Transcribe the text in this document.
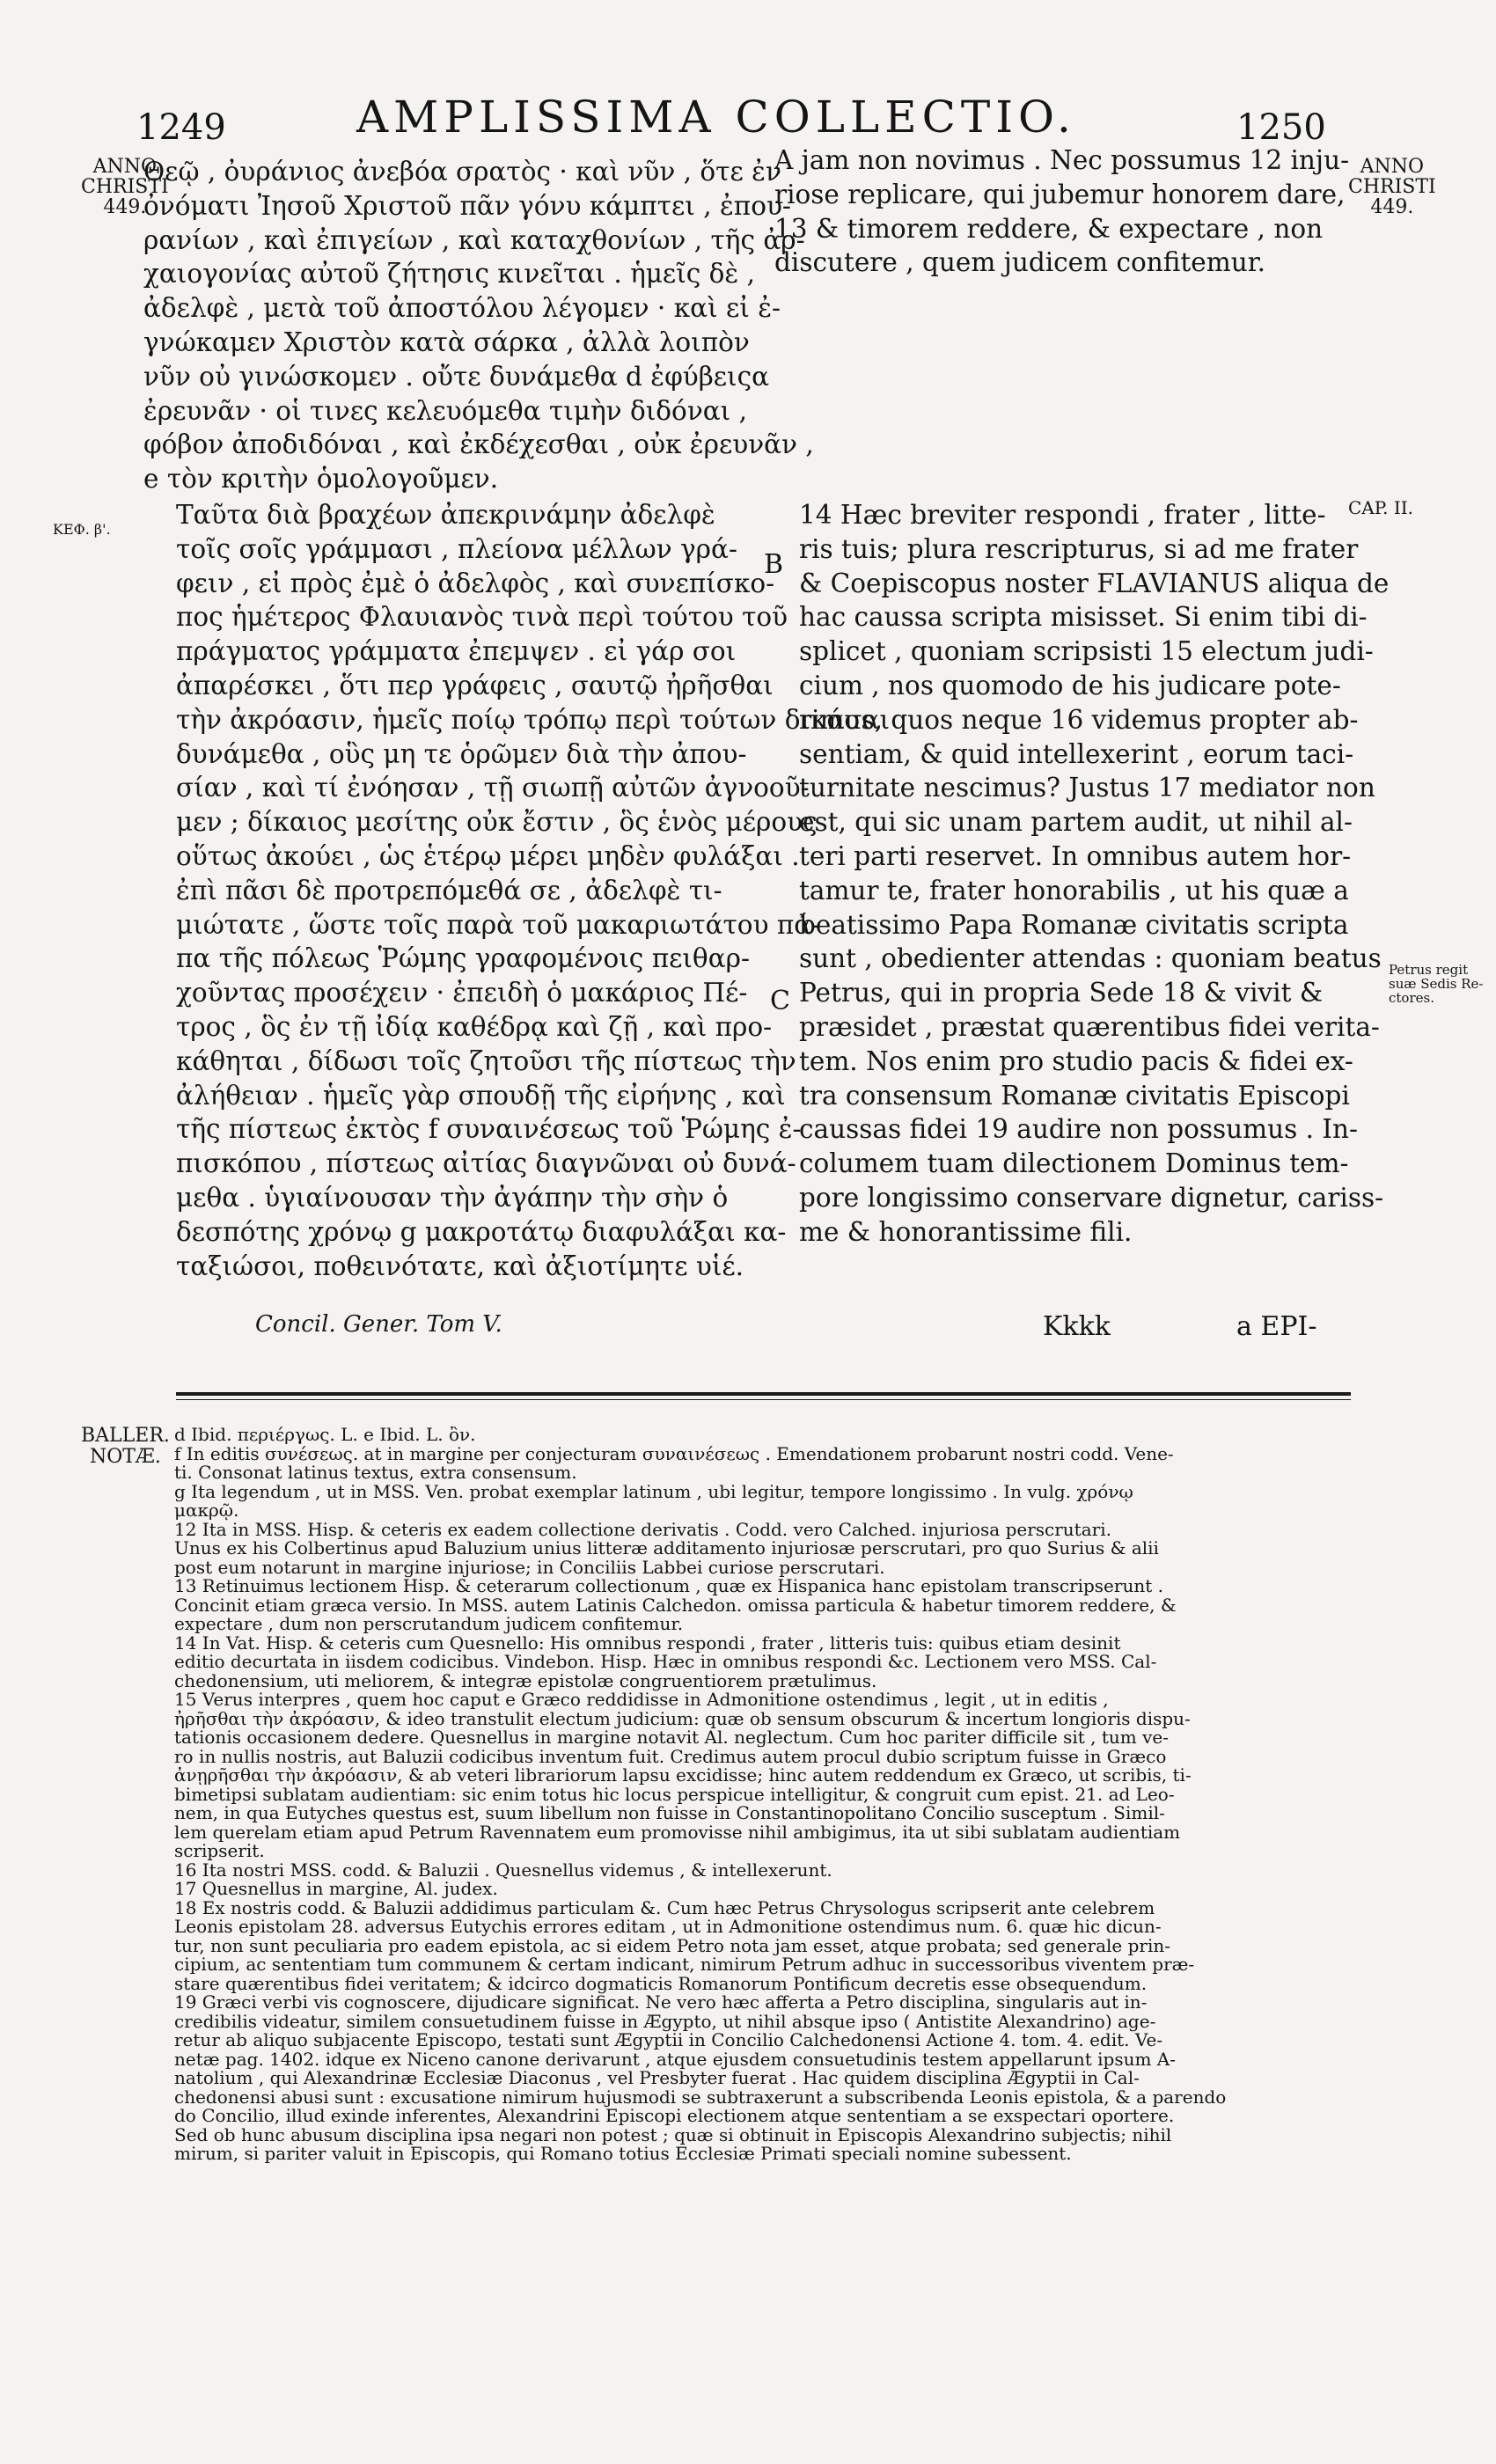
1249	AMPLISSIMA COLLECTIO.	1250
ANNO
CHRISTI
449.
ANNO
CHRISTI
449.
ΚΕΦ. β'.
CAP. II.
Petrus regit
suæ Sedis Re-
ctores.
Θεῷ , ὀυράνιος ἀνεβόα σρατὸς · καὶ νῦν , ὅτε ἐν
ὀνόματι Ἰησοῦ Χριστοῦ πᾶν γόνυ κάμπτει , ἐπου-
ρανίων , καὶ ἐπιγείων , καὶ καταχθονίων , τῆς ἀρ-
χαιογονίας αὐτοῦ ζήτησις κινεῖται . ἡμεῖς δὲ ,
ἀδελφὲ , μετὰ τοῦ ἀποστόλου λέγομεν · καὶ εἰ ἐ-
γνώκαμεν Χριστὸν κατὰ σάρκα , ἀλλὰ λοιπὸν
νῦν οὐ γινώσκομεν . οὔτε δυνάμεθα d ἐφύβειςα
ἐρευνᾶν · οἱ τινες κελευόμεθα τιμὴν διδόναι ,
φόβον ἀποδιδόναι , καὶ ἐκδέχεσθαι , οὐκ ἐρευνᾶν ,
e τὸν κριτὴν ὁμολογοῦμεν.
Ταῦτα διὰ βραχέων ἀπεκρινάμην ἀδελφὲ
τοῖς σοῖς γράμμασι , πλείονα μέλλων γρά-
φειν , εἰ πρὸς ἐμὲ ὁ ἀδελφὸς , καὶ συνεπίσκο-
πος ἡμέτερος Φλαυιανὸς τινὰ περὶ τούτου τοῦ
πράγματος γράμματα ἐπεμψεν . εἰ γάρ σοι
ἀπαρέσκει , ὅτι περ γράφεις , σαυτῷ ἠρῆσθαι
τὴν ἀκρόασιν, ἡμεῖς ποίῳ τρόπῳ περὶ τούτων δικάσαι
δυνάμεθα , οὓς μη τε ὁρῶμεν διὰ τὴν ἀπου-
σίαν , καὶ τί ἐνόησαν , τῇ σιωπῇ αὐτῶν ἀγνοοῦ-
μεν ; δίκαιος μεσίτης οὐκ ἔστιν , ὃς ἑνὸς μέρους
οὕτως ἀκούει , ὡς ἑτέρῳ μέρει μηδὲν φυλάξαι .
ἐπὶ πᾶσι δὲ προτρεπόμεθά σε , ἀδελφὲ τι-
μιώτατε , ὥστε τοῖς παρὰ τοῦ μακαριωτάτου πά-
πα τῆς πόλεως Ῥώμης γραφομένοις πειθαρ-
χοῦντας προσέχειν · ἐπειδὴ ὁ μακάριος Πέ-
τρος , ὃς ἐν τῇ ἰδίᾳ καθέδρᾳ καὶ ζῇ , καὶ προ-
κάθηται , δίδωσι τοῖς ζητοῦσι τῆς πίστεως τὴν
ἀλήθειαν . ἡμεῖς γὰρ σπουδῇ τῆς εἰρήνης , καὶ
τῆς πίστεως ἐκτὸς f συναινέσεως τοῦ Ῥώμης ἐ-
πισκόπου , πίστεως αἰτίας διαγνῶναι οὐ δυνά-
μεθα . ὑγιαίνουσαν τὴν ἀγάπην τὴν σὴν ὁ
δεσπότης χρόνῳ g μακροτάτῳ διαφυλάξαι κα-
ταξιώσοι, ποθεινότατε, καὶ ἀξιοτίμητε υἱέ.
A jam non novimus . Nec possumus 12 inju-
riose replicare, qui jubemur honorem dare,
13 & timorem reddere, & expectare , non
discutere , quem judicem confitemur.
14 Hæc breviter respondi , frater , litte-
ris tuis; plura rescripturus, si ad me frater
& Coepiscopus noster FLAVIANUS aliqua de
hac caussa scripta misisset. Si enim tibi di-
splicet , quoniam scripsisti 15 electum judi-
cium , nos quomodo de his judicare pote-
rimus, quos neque 16 videmus propter ab-
sentiam, & quid intellexerint , eorum taci-
turnitate nescimus? Justus 17 mediator non
est, qui sic unam partem audit, ut nihil al-
teri parti reservet. In omnibus autem hor-
tamur te, frater honorabilis , ut his quæ a
beatissimo Papa Romanæ civitatis scripta
sunt , obedienter attendas : quoniam beatus
Petrus, qui in propria Sede 18 & vivit &
præsidet , præstat quærentibus fidei verita-
tem. Nos enim pro studio pacis & fidei ex-
tra consensum Romanæ civitatis Episcopi
caussas fidei 19 audire non possumus . In-
columem tuam dilectionem Dominus tem-
pore longissimo conservare dignetur, cariss-
me & honorantissime fili.
B
C
Concil. Gener. Tom V.	Kkkk	a EPI-
BALLER.
NOTÆ.
d Ibid. περιέργως. L. e Ibid. L. ὂν.
f In editis συνέσεως. at in margine per conjecturam συναινέσεως . Emendationem probarunt nostri codd. Vene-
ti. Consonat latinus textus, extra consensum.
g Ita legendum , ut in MSS. Ven. probat exemplar latinum , ubi legitur, tempore longissimo . In vulg. χρόνῳ
μακρῷ.
12 Ita in MSS. Hisp. & ceteris ex eadem collectione derivatis . Codd. vero Calched. injuriosa perscrutari.
Unus ex his Colbertinus apud Baluzium unius litteræ additamento injuriosæ perscrutari, pro quo Surius & alii
post eum notarunt in margine injuriose; in Conciliis Labbei curiose perscrutari.
13 Retinuimus lectionem Hisp. & ceterarum collectionum , quæ ex Hispanica hanc epistolam transcripserunt .
Concinit etiam græca versio. In MSS. autem Latinis Calchedon. omissa particula & habetur timorem reddere, &
expectare , dum non perscrutandum judicem confitemur.
14 In Vat. Hisp. & ceteris cum Quesnello: His omnibus respondi , frater , litteris tuis: quibus etiam desinit
editio decurtata in iisdem codicibus. Vindebon. Hisp. Hæc in omnibus respondi &c. Lectionem vero MSS. Cal-
chedonensium, uti meliorem, & integræ epistolæ congruentiorem prætulimus.
15 Verus interpres , quem hoc caput e Græco reddidisse in Admonitione ostendimus , legit , ut in editis ,
ἠρῆσθαι τὴν ἀκρόασιν, & ideo transtulit electum judicium: quæ ob sensum obscurum & incertum longioris dispu-
tationis occasionem dedere. Quesnellus in margine notavit Al. neglectum. Cum hoc pariter difficile sit , tum ve-
ro in nullis nostris, aut Baluzii codicibus inventum fuit. Credimus autem procul dubio scriptum fuisse in Græco
ἀνῃρῆσθαι τὴν ἀκρόασιν, & ab veteri librariorum lapsu excidisse; hinc autem reddendum ex Græco, ut scribis, ti-
bimetipsi sublatam audientiam: sic enim totus hic locus perspicue intelligitur, & congruit cum epist. 21. ad Leo-
nem, in qua Eutyches questus est, suum libellum non fuisse in Constantinopolitano Concilio susceptum . Simil-
lem querelam etiam apud Petrum Ravennatem eum promovisse nihil ambigimus, ita ut sibi sublatam audientiam
scripserit.
16 Ita nostri MSS. codd. & Baluzii . Quesnellus videmus , & intellexerunt.
17 Quesnellus in margine, Al. judex.
18 Ex nostris codd. & Baluzii addidimus particulam &. Cum hæc Petrus Chrysologus scripserit ante celebrem
Leonis epistolam 28. adversus Eutychis errores editam , ut in Admonitione ostendimus num. 6. quæ hic dicun-
tur, non sunt peculiaria pro eadem epistola, ac si eidem Petro nota jam esset, atque probata; sed generale prin-
cipium, ac sententiam tum communem & certam indicant, nimirum Petrum adhuc in successoribus viventem præ-
stare quærentibus fidei veritatem; & idcirco dogmaticis Romanorum Pontificum decretis esse obsequendum.
19 Græci verbi vis cognoscere, dijudicare significat. Ne vero hæc afferta a Petro disciplina, singularis aut in-
credibilis videatur, similem consuetudinem fuisse in Ægypto, ut nihil absque ipso ( Antistite Alexandrino) age-
retur ab aliquo subjacente Episcopo, testati sunt Ægyptii in Concilio Calchedonensi Actione 4. tom. 4. edit. Ve-
netæ pag. 1402. idque ex Niceno canone derivarunt , atque ejusdem consuetudinis testem appellarunt ipsum A-
natolium , qui Alexandrinæ Ecclesiæ Diaconus , vel Presbyter fuerat . Hac quidem disciplina Ægyptii in Cal-
chedonensi abusi sunt : excusatione nimirum hujusmodi se subtraxerunt a subscribenda Leonis epistola, & a parendo
do Concilio, illud exinde inferentes, Alexandrini Episcopi electionem atque sententiam a se exspectari oportere.
Sed ob hunc abusum disciplina ipsa negari non potest ; quæ si obtinuit in Episcopis Alexandrino subjectis; nihil
mirum, si pariter valuit in Episcopis, qui Romano totius Ecclesiæ Primati speciali nomine subessent.
